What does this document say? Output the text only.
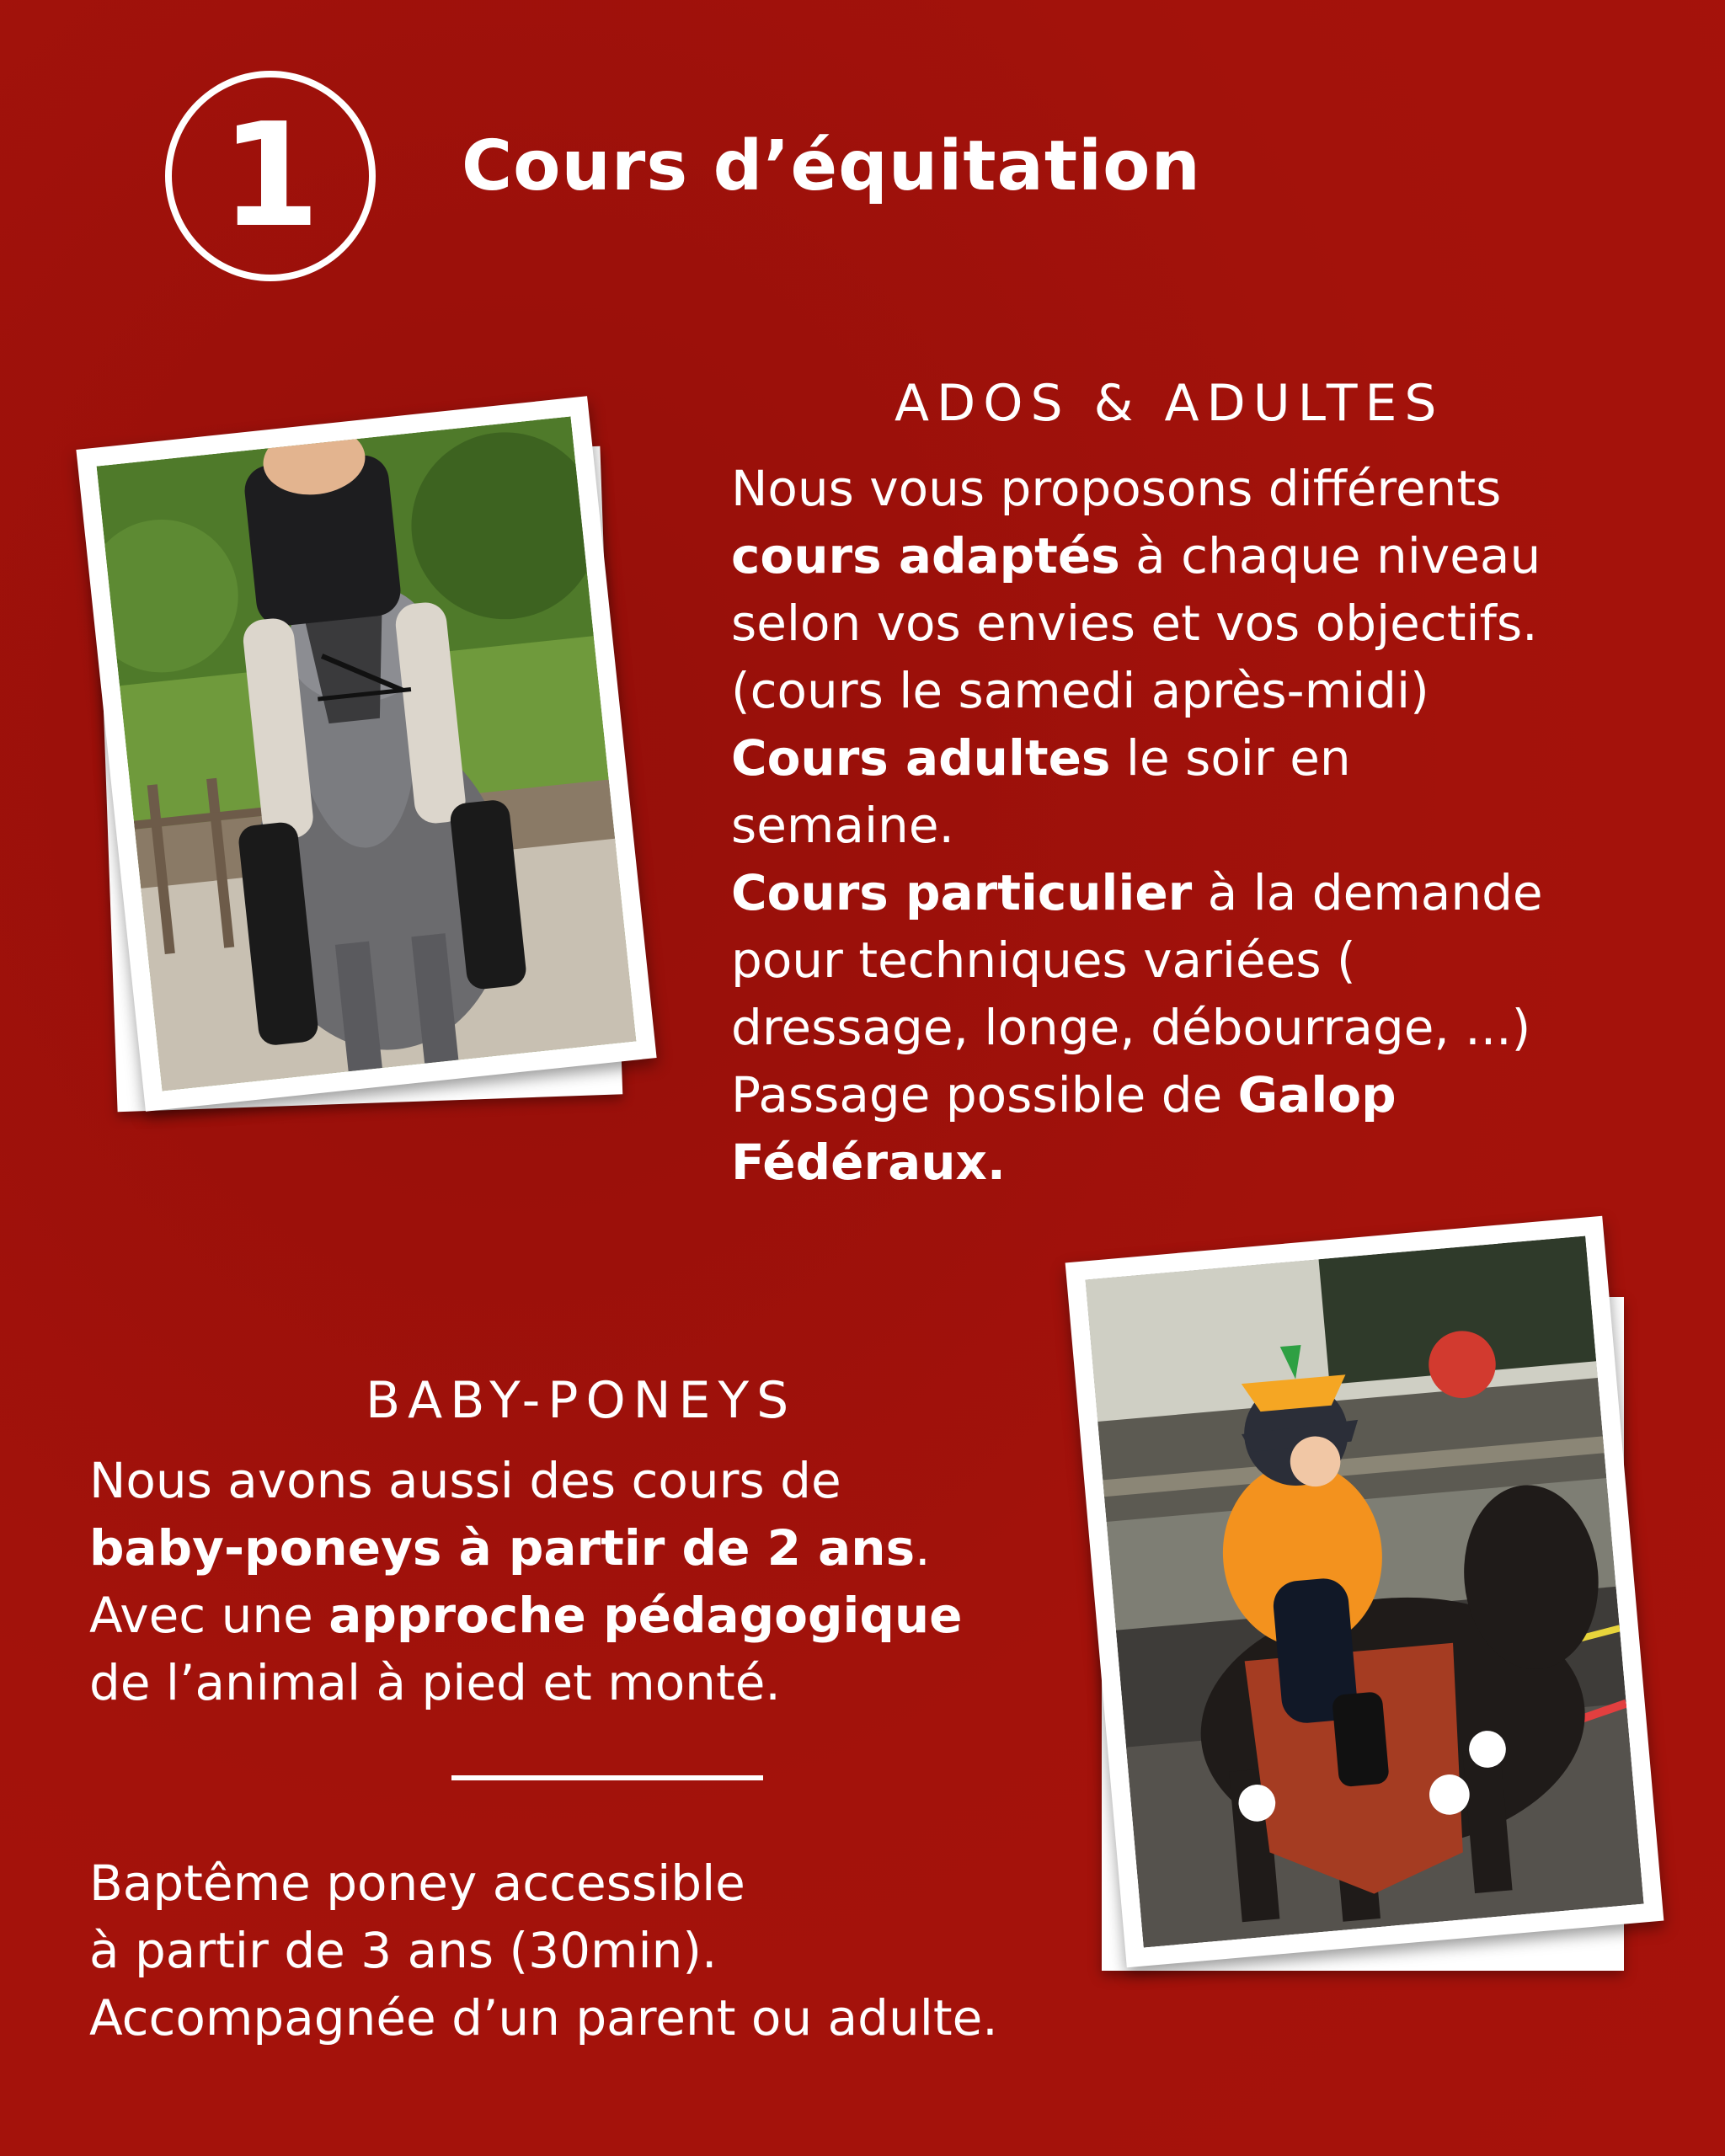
1 Cours d’équitation
ADOS & ADULTES
Nous vous proposons différents
cours adaptés à chaque niveau
selon vos envies et vos objectifs.
(cours le samedi après-midi)
Cours adultes le soir en
semaine.
Cours particulier à la demande
pour techniques variées (
dressage, longe, débourrage, ...)
Passage possible de Galop
Fédéraux.
BABY-PONEYS
Nous avons aussi des cours de
baby-poneys à partir de 2 ans.
Avec une approche pédagogique
de l’animal à pied et monté.
Baptême poney accessible
à partir de 3 ans (30min).
Accompagnée d’un parent ou adulte.
